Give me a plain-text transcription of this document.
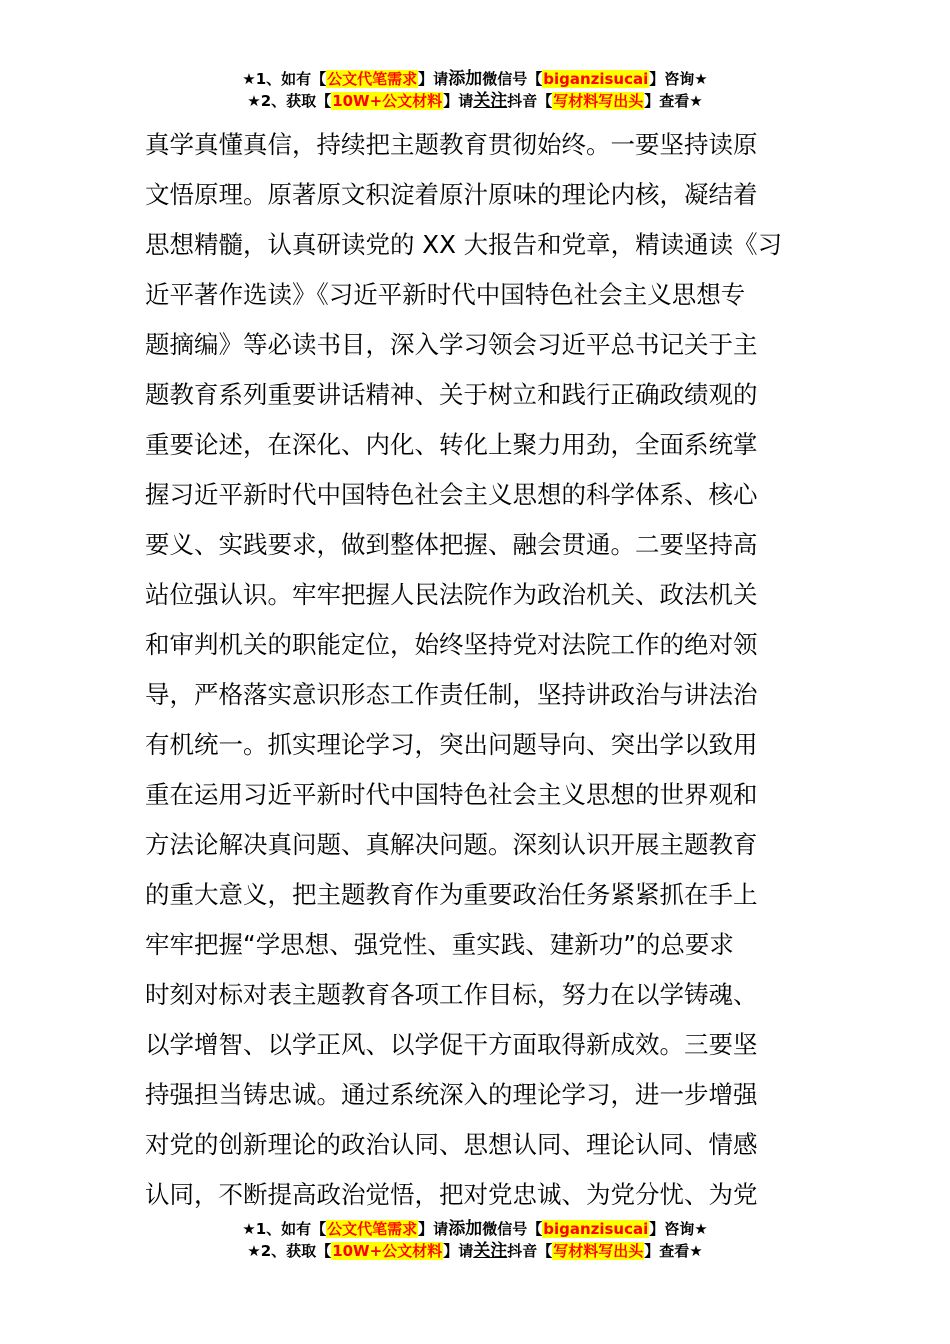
★1、如有【公文代笔需求】请添加微信号【biganzisucai】咨询★
★2、获取【10W+公文材料】请关注抖音【写材料写出头】查看★
真学真懂真信，持续把主题教育贯彻始终。一要坚持读原
文悟原理。原著原文积淀着原汁原味的理论内核，凝结着
思想精髓，认真研读党的 XX 大报告和党章，精读通读《习
近平著作选读》《习近平新时代中国特色社会主义思想专
题摘编》等必读书目，深入学习领会习近平总书记关于主
题教育系列重要讲话精神、关于树立和践行正确政绩观的
重要论述，在深化、内化、转化上聚力用劲，全面系统掌
握习近平新时代中国特色社会主义思想的科学体系、核心
要义、实践要求，做到整体把握、融会贯通。二要坚持高
站位强认识。牢牢把握人民法院作为政治机关、政法机关
和审判机关的职能定位，始终坚持党对法院工作的绝对领
导，严格落实意识形态工作责任制，坚持讲政治与讲法治
有机统一。抓实理论学习，突出问题导向、突出学以致用
重在运用习近平新时代中国特色社会主义思想的世界观和
方法论解决真问题、真解决问题。深刻认识开展主题教育
的重大意义，把主题教育作为重要政治任务紧紧抓在手上
牢牢把握“学思想、强党性、重实践、建新功”的总要求
时刻对标对表主题教育各项工作目标，努力在以学铸魂、
以学增智、以学正风、以学促干方面取得新成效。三要坚
持强担当铸忠诚。通过系统深入的理论学习，进一步增强
对党的创新理论的政治认同、思想认同、理论认同、情感
认同，不断提高政治觉悟，把对党忠诚、为党分忧、为党
★1、如有【公文代笔需求】请添加微信号【biganzisucai】咨询★
★2、获取【10W+公文材料】请关注抖音【写材料写出头】查看★
